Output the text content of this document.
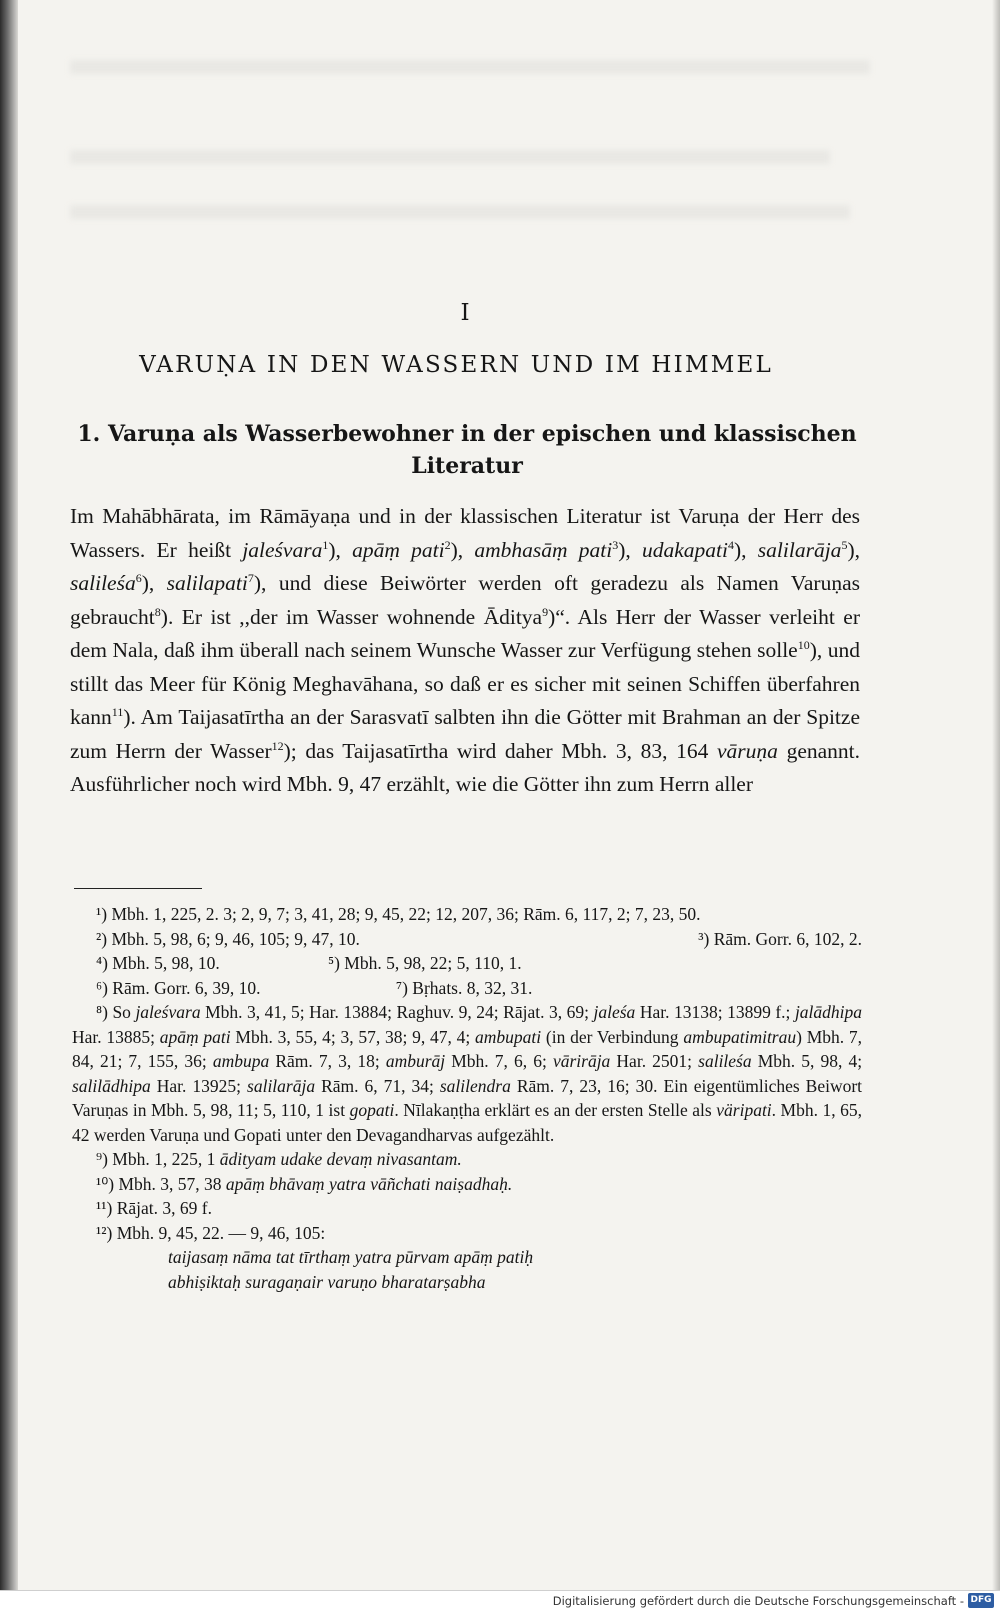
I
VARUṆA IN DEN WASSERN UND IM HIMMEL
1. Varuṇa als Wasserbewohner in der epischen und klassischen Literatur
Im Mahābhārata, im Rāmāyaṇa und in der klassischen Literatur ist Varuṇa der Herr des Wassers. Er heißt jaleśvara$^1$), apāṃ pati$^2$), ambhasāṃ pati$^3$), udakapati$^4$), salilarāja$^5$), salileśa$^6$), salilapati$^7$), und diese Beiwörter werden oft geradezu als Namen Varuṇas gebraucht$^8$). Er ist ,,der im Wasser wohnende Āditya$^9$)“. Als Herr der Wasser verleiht er dem Nala, daß ihm überall nach seinem Wunsche Wasser zur Verfügung stehen solle$^{10}$), und stillt das Meer für König Meghavāhana, so daß er es sicher mit seinen Schiffen überfahren kann$^{11}$). Am Taijasatīrtha an der Sarasvatī salbten ihn die Götter mit Brahman an der Spitze zum Herrn der Wasser$^{12}$); das Taijasatīrtha wird daher Mbh. 3, 83, 164 vāruṇa genannt. Ausführlicher noch wird Mbh. 9, 47 erzählt, wie die Götter ihn zum Herrn aller

¹) Mbh. 1, 225, 2. 3; 2, 9, 7; 3, 41, 28; 9, 45, 22; 12, 207, 36; Rām. 6, 117, 2; 7, 23, 50.

²) Mbh. 5, 98, 6; 9, 46, 105; 9, 47, 10.	³) Rām. Gorr. 6, 102, 2.
⁴) Mbh. 5, 98, 10.	⁵) Mbh. 5, 98, 22; 5, 110, 1.
⁶) Rām. Gorr. 6, 39, 10.	⁷) Bṛhats. 8, 32, 31.

⁸) So jaleśvara Mbh. 3, 41, 5; Har. 13884; Raghuv. 9, 24; Rājat. 3, 69; jaleśa Har. 13138; 13899 f.; jalādhipa Har. 13885; apāṃ pati Mbh. 3, 55, 4; 3, 57, 38; 9, 47, 4; ambupati (in der Verbindung ambupatimitrau) Mbh. 7, 84, 21; 7, 155, 36; ambupa Rām. 7, 3, 18; amburāj Mbh. 7, 6, 6; vārirāja Har. 2501; salileśa Mbh. 5, 98, 4; salilādhipa Har. 13925; salilarāja Rām. 6, 71, 34; salilendra Rām. 7, 23, 16; 30. Ein eigentümliches Beiwort Varuṇas in Mbh. 5, 98, 11; 5, 110, 1 ist gopati. Nīlakaṇṭha erklärt es an der ersten Stelle als väripati. Mbh. 1, 65, 42 werden Varuṇa und Gopati unter den Devagandharvas aufgezählt.

⁹) Mbh. 1, 225, 1 ādityam udake devaṃ nivasantam.

¹⁰) Mbh. 3, 57, 38 apāṃ bhāvaṃ yatra vāñchati naiṣadhaḥ.

¹¹) Rājat. 3, 69 f.

¹²) Mbh. 9, 45, 22. — 9, 46, 105:

taijasaṃ nāma tat tīrthaṃ yatra pūrvam apāṃ patiḥ

abhiṣiktaḥ suragaṇair varuṇo bharatarṣabha

Digitalisierung gefördert durch die Deutsche Forschungsgemeinschaft - DFG
